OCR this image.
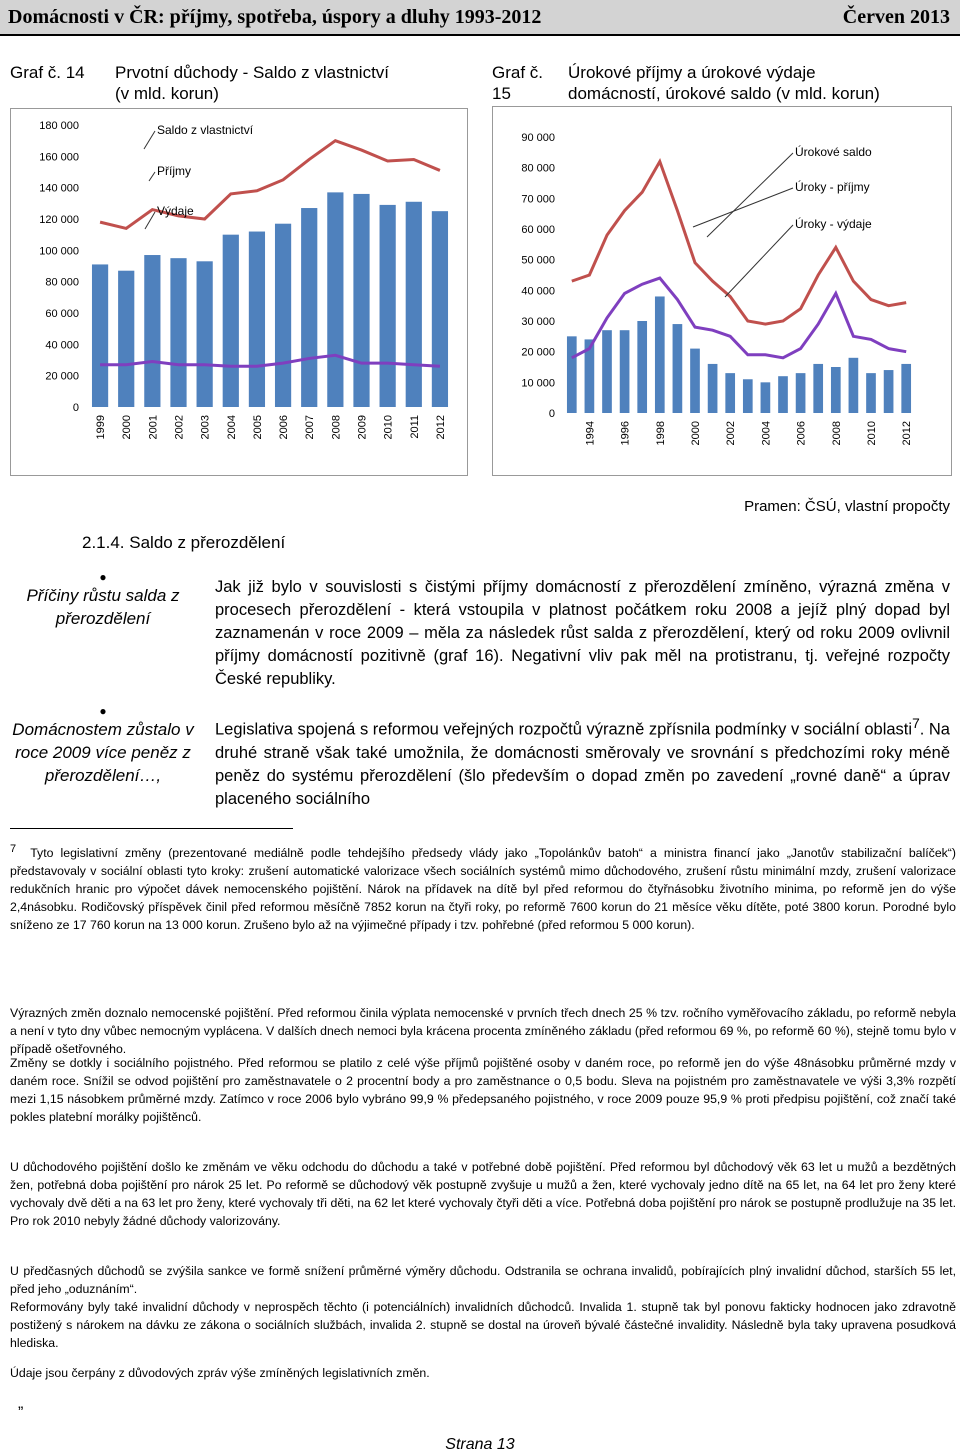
Domácnosti v ČR: příjmy, spotřeba, úspory a dluhy 1993-2012	Červen 2013
Graf č. 14 Prvotní důchody - Saldo z vlastnictví
(v mld. korun)
Graf č.
15
Úrokové příjmy a úrokové výdaje
domácností, úrokové saldo (v mld. korun)
0
20 000
40 000
60 000
80 000
100 000
120 000
140 000
160 000
180 000
1999 2000 2001 2002 2003 2004 2005 2006 2007 2008 2009 2010 2011 2012
Saldo z vlastnictví
Příjmy
Výdaje
0
10 000
20 000
30 000
40 000
50 000
60 000
70 000
80 000
90 000
1994 1996 1998 2000 2002 2004 2006 2008 2010 2012
Úrokové saldo
Úroky - příjmy
Úroky - výdaje
Pramen: ČSÚ, vlastní propočty
2.1.4. Saldo z přerozdělení
●
Příčiny růstu salda z přerozdělení
●
Domácnostem zůstalo v roce 2009 více peněz z přerozdělení…,
Jak již bylo v souvislosti s čistými příjmy domácností z přerozdělení zmíněno, výrazná změna v procesech přerozdělení - která vstoupila v platnost počátkem roku 2008 a jejíž plný dopad byl zaznamenán v roce 2009 – měla za následek růst salda z přerozdělení, který od roku 2009 ovlivnil příjmy domácností pozitivně (graf 16). Negativní vliv pak měl na protistranu, tj. veřejné rozpočty České republiky.
Legislativa spojená s reformou veřejných rozpočtů výrazně zpřísnila podmínky v sociální oblasti$^7$. Na druhé straně však také umožnila, že domácnosti směrovaly ve srovnání s předchozími roky méně peněz do systému přerozdělení (šlo především o dopad změn po zavedení „rovné daně“ a úprav placeného sociálního
$^7$ Tyto legislativní změny (prezentované mediálně podle tehdejšího předsedy vlády jako „Topolánkův batoh“ a ministra financí jako „Janotův stabilizační balíček“) představovaly v sociální oblasti tyto kroky: zrušení automatické valorizace všech sociálních systémů mimo důchodového, zrušení růstu minimální mzdy, zrušení valorizace redukčních hranic pro výpočet dávek nemocenského pojištění. Nárok na přídavek na dítě byl před reformou do čtyřnásobku životního minima, po reformě jen do výše 2,4násobku. Rodičovský příspěvek činil před reformou měsíčně 7852 korun na čtyři roky, po reformě 7600 korun do 21 měsíce věku dítěte, poté 3800 korun. Porodné bylo sníženo ze 17 760 korun na 13 000 korun. Zrušeno bylo až na výjimečné případy i tzv. pohřebné (před reformou 5 000 korun).
Výrazných změn doznalo nemocenské pojištění. Před reformou činila výplata nemocenské v prvních třech dnech 25 % tzv. ročního vyměřovacího základu, po reformě nebyla a není v tyto dny vůbec nemocným vyplácena. V dalších dnech nemoci byla krácena procenta zmíněného základu (před reformou 69 %, po reformě 60 %), stejně tomu bylo v případě ošetřovného.
Změny se dotkly i sociálního pojistného. Před reformou se platilo z celé výše příjmů pojištěné osoby v daném roce, po reformě jen do výše 48násobku průměrné mzdy v daném roce. Snížil se odvod pojištění pro zaměstnavatele o 2 procentní body a pro zaměstnance o 0,5 bodu. Sleva na pojistném pro zaměstnavatele ve výši 3,3% rozpětí mezi 1,15 násobkem průměrné mzdy. Zatímco v roce 2006 bylo vybráno 99,9 % předepsaného pojistného, v roce 2009 pouze 95,9 % proti předpisu pojištění, což značí také pokles platební morálky pojištěnců.
U důchodového pojištění došlo ke změnám ve věku odchodu do důchodu a také v potřebné době pojištění. Před reformou byl důchodový věk 63 let u mužů a bezdětných žen, potřebná doba pojištění pro nárok 25 let. Po reformě se důchodový věk postupně zvyšuje u mužů a žen, které vychovaly jedno dítě na 65 let, na 64 let pro ženy které vychovaly dvě děti a na 63 let pro ženy, které vychovaly tři děti, na 62 let které vychovaly čtyři děti a více. Potřebná doba pojištění pro nárok se postupně prodlužuje na 35 let. Pro rok 2010 nebyly žádné důchody valorizovány.
U předčasných důchodů se zvýšila sankce ve formě snížení průměrné výměry důchodu. Odstranila se ochrana invalidů, pobírajících plný invalidní důchod, starších 55 let, před jeho „oduznáním“.
Reformovány byly také invalidní důchody v neprospěch těchto (i potenciálních) invalidních důchodců. Invalida 1. stupně tak byl ponovu fakticky hodnocen jako zdravotně postižený s nárokem na dávku ze zákona o sociálních službách, invalida 2. stupně se dostal na úroveň bývalé částečné invalidity. Následně byla taky upravena posudková hlediska.
Údaje jsou čerpány z důvodových zpráv výše zmíněných legislativních změn.
„
Strana 13
